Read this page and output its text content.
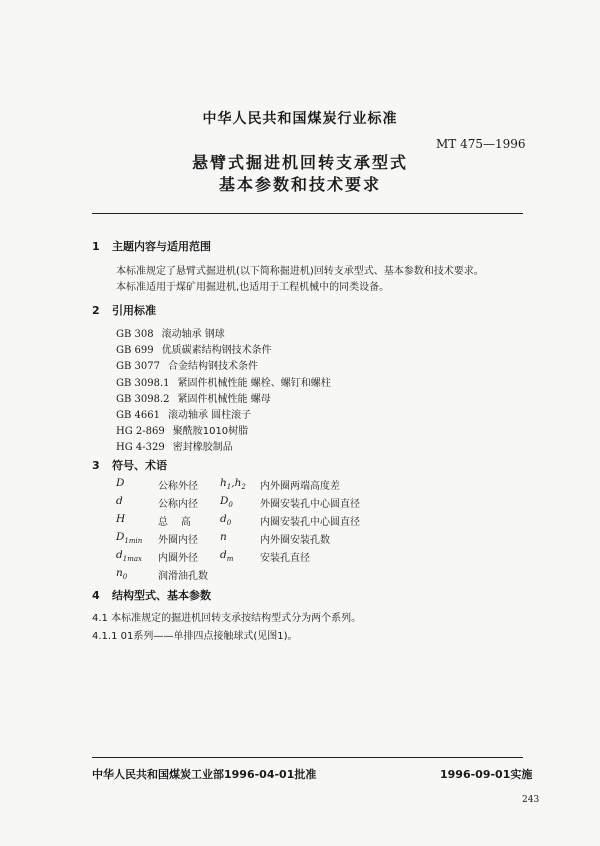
中华人民共和国煤炭行业标准

MT 475—1996

悬臂式掘进机回转支承型式

基本参数和技术要求

1 主题内容与适用范围

本标准规定了悬臂式掘进机(以下简称掘进机)回转支承型式、基本参数和技术要求。

本标准适用于煤矿用掘进机,也适用于工程机械中的同类设备。

2 引用标准

GB 308 滚动轴承 钢球
GB 699 优质碳素结构钢技术条件
GB 3077 合金结构钢技术条件
GB 3098.1 紧固件机械性能 螺栓、螺钉和螺柱
GB 3098.2 紧固件机械性能 螺母
GB 4661 滚动轴承 圆柱滚子
HG 2-869 聚酰胺1010树脂
HG 4-329 密封橡胶制品

3 符号、术语

D	公称外径 $h_1,h_2$ 内外圈两端高度差
d	公称内径 $D_0$	外圈安装孔中心圆直径
H	总    高	$d_0$	内圈安装孔中心圆直径
$D_{1min}$ 外圈内径 n	内外圈安装孔数
$d_{1max}$ 内圈外径 $d_m$	安装孔直径
$n_0$	润滑油孔数

4 结构型式、基本参数

4.1 本标准规定的掘进机回转支承按结构型式分为两个系列。

4.1.1 01系列——单排四点接触球式(见图1)。

中华人民共和国煤炭工业部1996-04-01批准	1996-09-01实施

243
